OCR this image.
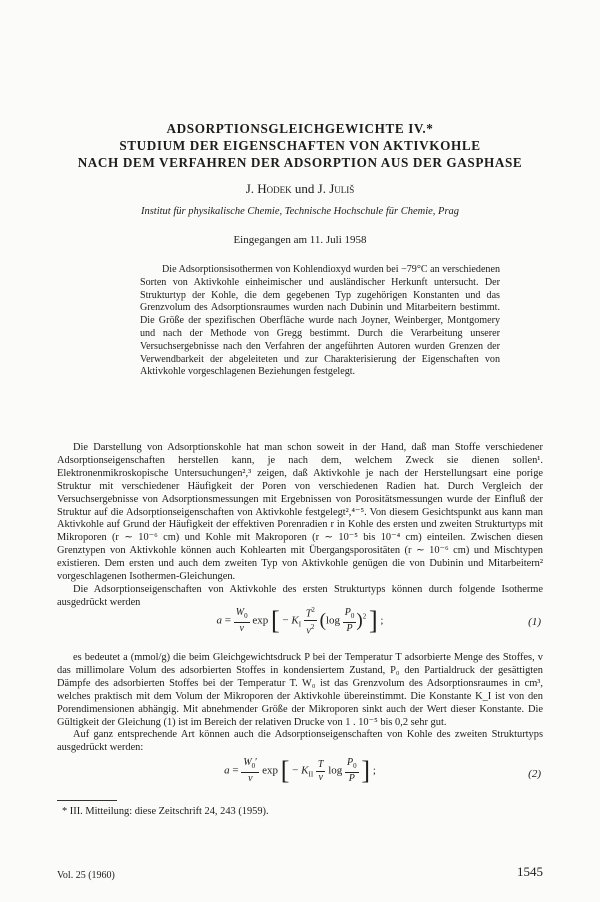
ADSORPTIONSGLEICHGEWICHTE IV.*
STUDIUM DER EIGENSCHAFTEN VON AKTIVKOHLE
NACH DEM VERFAHREN DER ADSORPTION AUS DER GASPHASE
J. Hodek und J. Juliš
Institut für physikalische Chemie, Technische Hochschule für Chemie, Prag
Eingegangen am 11. Juli 1958

Die Adsorptionsisothermen von Kohlendioxyd wurden bei −79°C an verschiedenen Sorten von Aktivkohle einheimischer und ausländischer Herkunft untersucht. Der Strukturtyp der Kohle, die dem gegebenen Typ zugehörigen Konstanten und das Grenzvolum des Adsorptionsraumes wurden nach Dubinin und Mitarbeitern bestimmt. Die Größe der spezifischen Oberfläche wurde nach Joyner, Weinberger, Montgomery und nach der Methode von Gregg bestimmt. Durch die Verarbeitung unserer Versuchsergebnisse nach den Verfahren der angeführten Autoren wurden Grenzen der Verwendbarkeit der abgeleiteten und zur Charakterisierung der Eigenschaften von Aktivkohle vorgeschlagenen Beziehungen festgelegt.

Die Darstellung von Adsorptionskohle hat man schon soweit in der Hand, daß man Stoffe verschiedener Adsorptionseigenschaften herstellen kann, je nach dem, welchem Zweck sie dienen sollen¹. Elektronenmikroskopische Untersuchungen²,³ zeigen, daß Aktivkohle je nach der Herstellungsart eine porige Struktur mit verschiedener Häufigkeit der Poren von verschiedenen Radien hat. Durch Vergleich der Versuchsergebnisse von Adsorptionsmessungen mit Ergebnissen von Porositätsmessungen wurde der Einfluß der Struktur auf die Adsorptionseigenschaften von Aktivkohle festgelegt²,⁴⁻⁵. Von diesem Gesichtspunkt aus kann man Aktivkohle auf Grund der Häufigkeit der effektiven Porenradien r in Kohle des ersten und zweiten Strukturtyps mit Mikroporen (r ∼ 10⁻⁶ cm) und Kohle mit Makroporen (r ∼ 10⁻⁵ bis 10⁻⁴ cm) einteilen. Zwischen diesen Grenztypen von Aktivkohle können auch Kohlearten mit Übergangsporositäten (r ∼ 10⁻⁶ cm) und Mischtypen existieren. Dem ersten und auch dem zweiten Typ von Aktivkohle genügen die von Dubinin und Mitarbeitern² vorgeschlagenen Isothermen-Gleichungen.

Die Adsorptionseigenschaften von Aktivkohle des ersten Strukturtyps können durch folgende Isotherme ausgedrückt werden

$a = \frac{W_0}{v}$ exp [ − $K_I \frac{T^2}{v^2} (\log \frac{P_0}{P} )^2$ ] ;	(1)

es bedeutet a (mmol/g) die beim Gleichgewichtsdruck P bei der Temperatur T adsorbierte Menge des Stoffes, v das millimolare Volum des adsorbierten Stoffes in kondensiertem Zustand, P₀ den Partialdruck der gesättigten Dämpfe des adsorbierten Stoffes bei der Temperatur T. W₀ ist das Grenzvolum des Adsorptionsraumes in cm³, welches praktisch mit dem Volum der Mikroporen der Aktivkohle übereinstimmt. Die Konstante K_I ist von den Porendimensionen abhängig. Mit abnehmender Größe der Mikroporen sinkt auch der Wert dieser Konstante. Die Gültigkeit der Gleichung (1) ist im Bereich der relativen Drucke von 1 . 10⁻⁵ bis 0,2 sehr gut.

Auf ganz entsprechende Art können auch die Adsorptionseigenschaften von Kohle des zweiten Strukturtyps ausgedrückt werden:

$a = \frac{W_0'}{v}$ exp [ − $K_{II} \frac{T}{v}$ $\log \frac{P_0}{P}$ ] ;	(2)
* III. Mitteilung: diese Zeitschrift 24, 243 (1959).
Vol. 25 (1960)	1545
